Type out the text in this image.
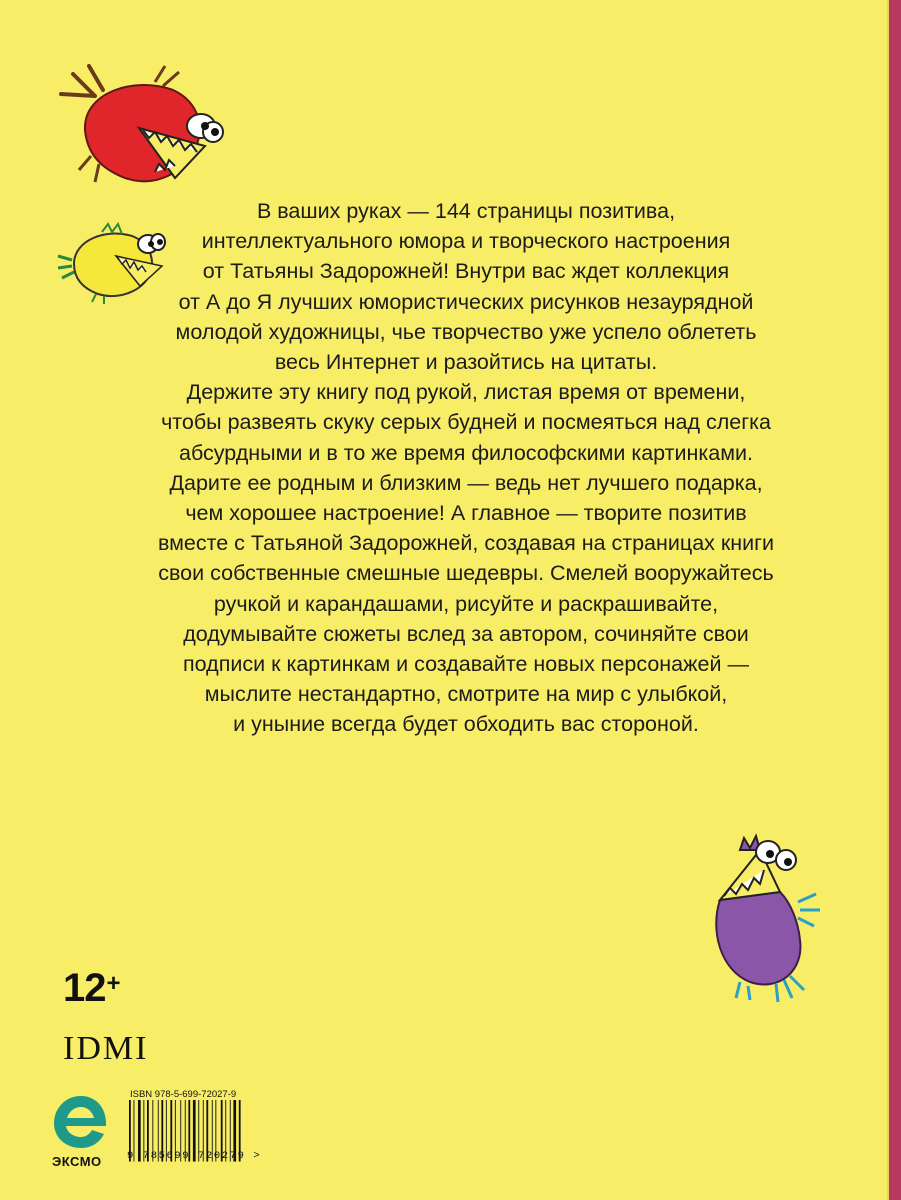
В ваших руках — 144 страницы позитива,

интеллектуального юмора и творческого настроения

от Татьяны Задорожней! Внутри вас ждет коллекция

от А до Я лучших юмористических рисунков незаурядной

молодой художницы, чье творчество уже успело облететь

весь Интернет и разойтись на цитаты.

Держите эту книгу под рукой, листая время от времени,

чтобы развеять скуку серых будней и посмеяться над слегка

абсурдными и в то же время философскими картинками.

Дарите ее родным и близким — ведь нет лучшего подарка,

чем хорошее настроение! А главное — творите позитив

вместе с Татьяной Задорожней, создавая на страницах книги

свои собственные смешные шедевры. Смелей вооружайтесь

ручкой и карандашами, рисуйте и раскрашивайте,

додумывайте сюжеты вслед за автором, сочиняйте свои

подписи к картинкам и создавайте новых персонажей —

мыслите нестандартно, смотрите на мир с улыбкой,

и уныние всегда будет обходить вас стороной.

12+
IDMI
ЭКСМО
ISBN 978-5-699-72027-9
9 785699 720279 >
